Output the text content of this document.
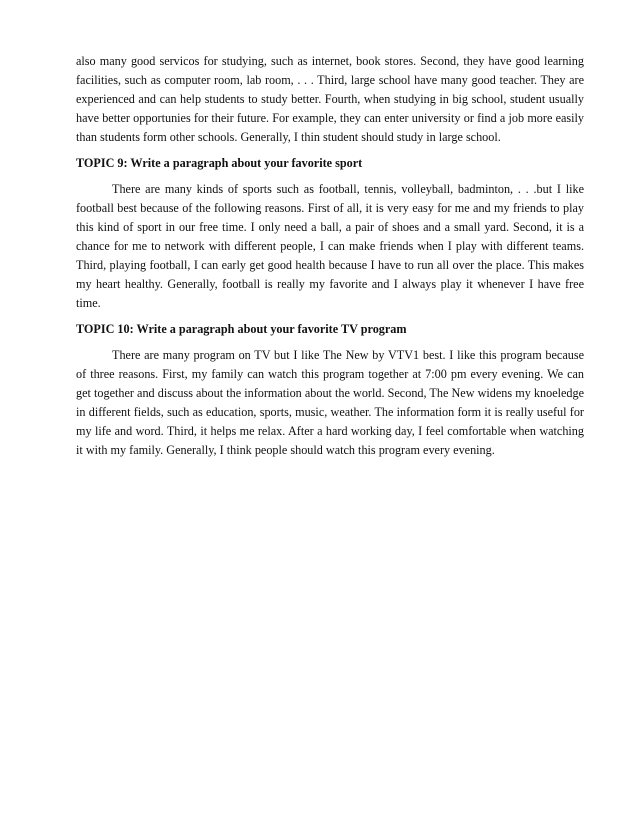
also many good servicos for studying, such as internet, book stores. Second, they have good learning facilities, such as computer room, lab room, . . . Third, large school have many good teacher. They are experienced and can help students to study better. Fourth, when studying in big school, student usually have better opportunies for their future. For example, they can enter university or find a job more easily than students form other schools. Generally, I thin student should study in large school.

TOPIC 9: Write a paragraph about your favorite sport

There are many kinds of sports such as football, tennis, volleyball, badminton, . . .but I like football best because of the following reasons. First of all, it is very easy for me and my friends to play this kind of sport in our free time. I only need a ball, a pair of shoes and a small yard. Second, it is a chance for me to network with different people, I can make friends when I play with different teams. Third, playing football, I can early get good health because I have to run all over the place. This makes my heart healthy. Generally, football is really my favorite and I always play it whenever I have free time.

TOPIC 10: Write a paragraph about your favorite TV program

There are many program on TV but I like The New by VTV1 best. I like this program because of three reasons. First, my family can watch this program together at 7:00 pm every evening. We can get together and discuss about the information about the world. Second, The New widens my knoeledge in different fields, such as education, sports, music, weather. The information form it is really useful for my life and word. Third, it helps me relax. After a hard working day, I feel comfortable when watching it with my family. Generally, I think people should watch this program every evening.
